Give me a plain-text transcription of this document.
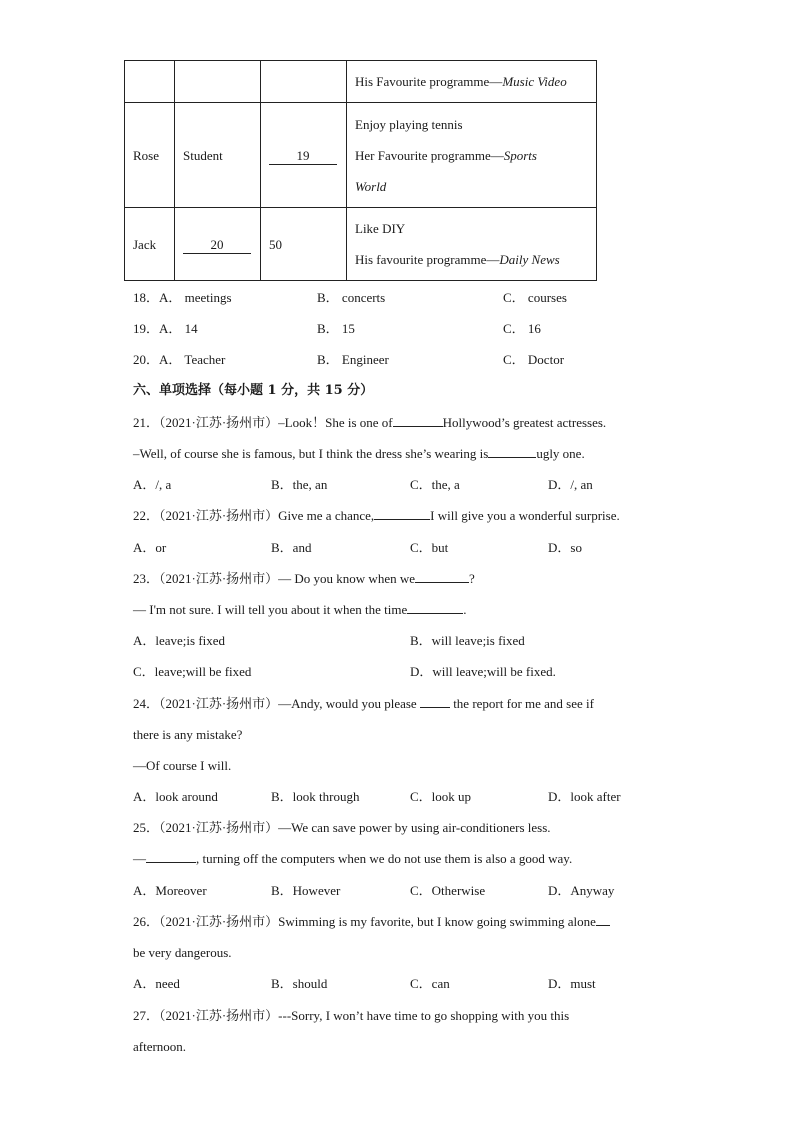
			His Favourite programme—Music Video
Rose	Student	19	Enjoy playing tennis
Her Favourite programme—Sports
World

Jack	20	50	Like DIY
His favourite programme—Daily News
18．A． meetings	B． concerts	C． courses
19．A． 14	B． 15	C． 16
20．A． Teacher	B． Engineer	C． Doctor
六、单项选择（每小题 1 分，共 15 分）
21．（2021·江苏·扬州市）–Look！She is one of	Hollywood’s greatest actresses.
–Well, of course she is famous, but I think the dress she’s wearing is	ugly one.
A．/, a	B．the, an	C．the, a	D．/, an
22．（2021·江苏·扬州市）Give me a chance,	I will give you a wonderful surprise.
A．or	B．and	C．but	D．so
23．（2021·江苏·扬州市）— Do you know when we	?
— I'm not sure. I will tell you about it when the time	.
A．leave;is fixed	B．will leave;is fixed
C．leave;will be fixed	D．will leave;will be fixed.
24．（2021·江苏·扬州市）—Andy, would you please	the report for me and see if
there is any mistake?
—Of course I will.
A．look around	B．look through	C．look up	D．look after
25．（2021·江苏·扬州市）—We can save power by using air-conditioners less.
—	, turning off the computers when we do not use them is also a good way.
A．Moreover	B．However	C．Otherwise	D．Anyway
26．（2021·江苏·扬州市）Swimming is my favorite, but I know going swimming alone
be very dangerous.
A．need	B．should	C．can	D．must
27．（2021·江苏·扬州市）---Sorry, I won’t have time to go shopping with you this
afternoon.
